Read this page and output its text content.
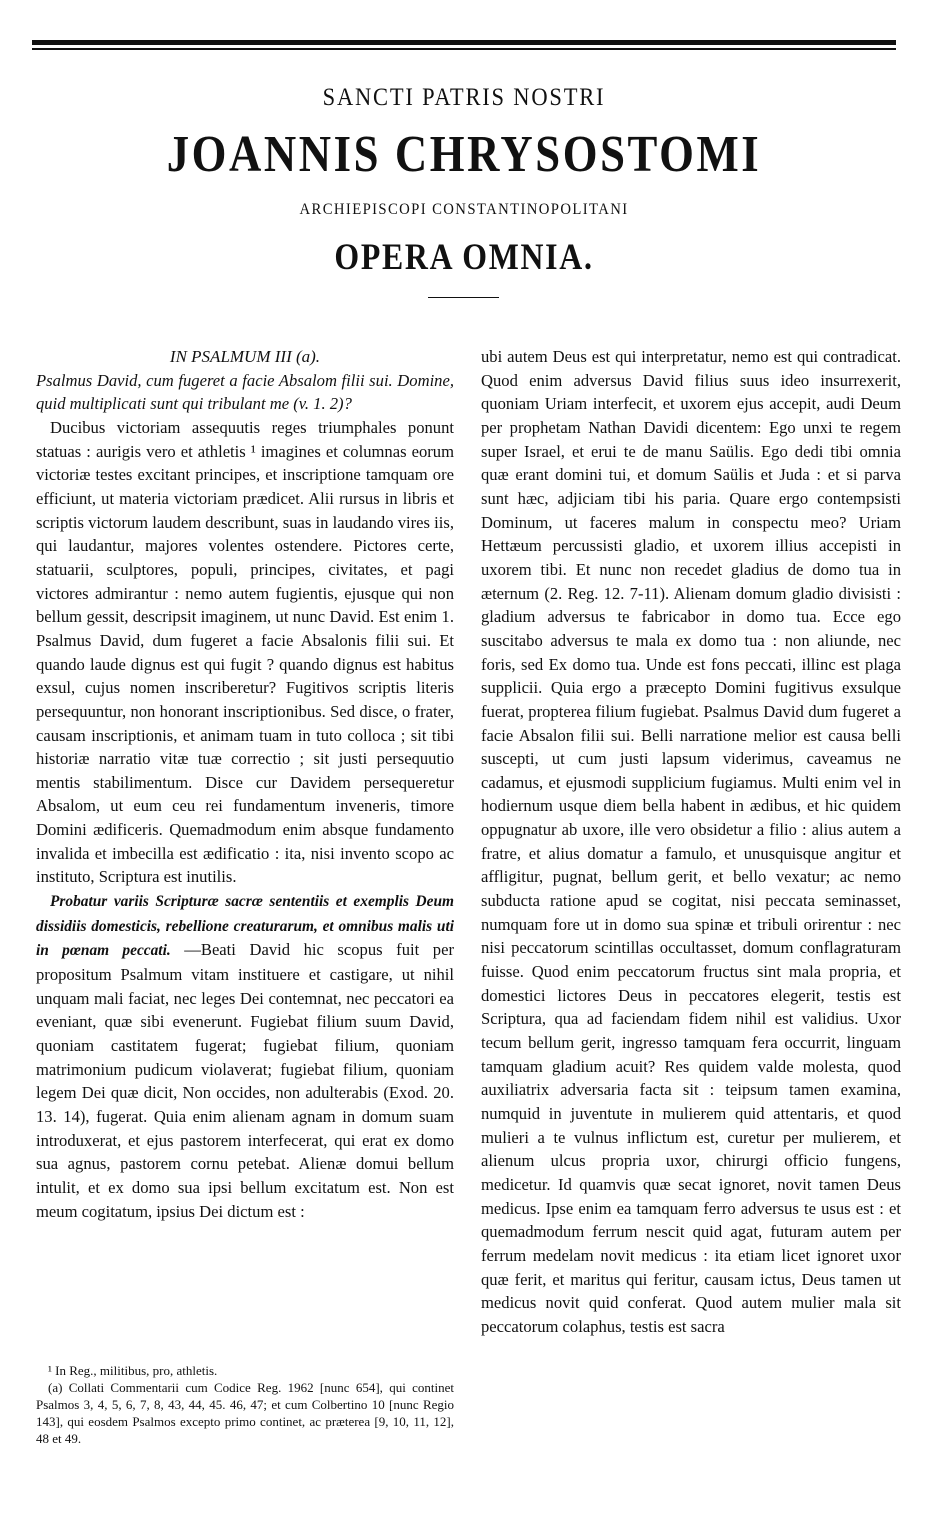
SANCTI PATRIS NOSTRI
JOANNIS CHRYSOSTOMI
ARCHIEPISCOPI CONSTANTINOPOLITANI
OPERA OMNIA.
IN PSALMUM III (a).

Psalmus David, cum fugeret a facie Absalom filii sui. Domine, quid multiplicati sunt qui tribulant me (v. 1. 2)?

Ducibus victoriam assequutis reges triumphales ponunt statuas : aurigis vero et athletis ¹ imagines et columnas eorum victoriæ testes excitant principes, et inscriptione tamquam ore efficiunt, ut materia victoriam prædicet. Alii rursus in libris et scriptis victorum laudem describunt, suas in laudando vires iis, qui laudantur, majores volentes ostendere. Pictores certe, statuarii, sculptores, populi, principes, civitates, et pagi victores admirantur : nemo autem fugientis, ejusque qui non bellum gessit, descripsit imaginem, ut nunc David. Est enim 1. Psalmus David, dum fugeret a facie Absalonis filii sui. Et quando laude dignus est qui fugit ? quando dignus est habitus exsul, cujus nomen inscriberetur? Fugitivos scriptis literis persequuntur, non honorant inscriptionibus. Sed disce, o frater, causam inscriptionis, et animam tuam in tuto colloca ; sit tibi historiæ narratio vitæ tuæ correctio ; sit justi persequutio mentis stabilimentum. Disce cur Davidem persequeretur Absalom, ut eum ceu rei fundamentum inveneris, timore Domini ædificeris. Quemadmodum enim absque fundamento invalida et imbecilla est ædificatio : ita, nisi invento scopo ac instituto, Scriptura est inutilis.

Probatur variis Scripturæ sacræ sententiis et exemplis Deum dissidiis domesticis, rebellione creaturarum, et omnibus malis uti in pœnam peccati. —Beati David hic scopus fuit per propositum Psalmum vitam instituere et castigare, ut nihil unquam mali faciat, nec leges Dei contemnat, nec peccatori ea eveniant, quæ sibi evenerunt. Fugiebat filium suum David, quoniam castitatem fugerat; fugiebat filium, quoniam matrimonium pudicum violaverat; fugiebat filium, quoniam legem Dei quæ dicit, Non occides, non adulterabis (Exod. 20. 13. 14), fugerat. Quia enim alienam agnam in domum suam introduxerat, et ejus pastorem interfecerat, qui erat ex domo sua agnus, pastorem cornu petebat. Alienæ domui bellum intulit, et ex domo sua ipsi bellum excitatum est. Non est meum cogitatum, ipsius Dei dictum est :

¹ In Reg., militibus, pro, athletis.

(a) Collati Commentarii cum Codice Reg. 1962 [nunc 654], qui continet Psalmos 3, 4, 5, 6, 7, 8, 43, 44, 45. 46, 47; et cum Colbertino 10 [nunc Regio 143], qui eosdem Psalmos excepto primo continet, ac præterea [9, 10, 11, 12], 48 et 49.

ubi autem Deus est qui interpretatur, nemo est qui contradicat. Quod enim adversus David filius suus ideo insurrexerit, quoniam Uriam interfecit, et uxorem ejus accepit, audi Deum per prophetam Nathan Davidi dicentem: Ego unxi te regem super Israel, et erui te de manu Saülis. Ego dedi tibi omnia quæ erant domini tui, et domum Saülis et Juda : et si parva sunt hæc, adjiciam tibi his paria. Quare ergo contempsisti Dominum, ut faceres malum in conspectu meo? Uriam Hettæum percussisti gladio, et uxorem illius accepisti in uxorem tibi. Et nunc non recedet gladius de domo tua in æternum (2. Reg. 12. 7-11). Alienam domum gladio divisisti : gladium adversus te fabricabor in domo tua. Ecce ego suscitabo adversus te mala ex domo tua : non aliunde, nec foris, sed Ex domo tua. Unde est fons peccati, illinc est plaga supplicii. Quia ergo a præcepto Domini fugitivus exsulque fuerat, propterea filium fugiebat. Psalmus David dum fugeret a facie Absalon filii sui. Belli narratione melior est causa belli suscepti, ut cum justi lapsum viderimus, caveamus ne cadamus, et ejusmodi supplicium fugiamus. Multi enim vel in hodiernum usque diem bella habent in ædibus, et hic quidem oppugnatur ab uxore, ille vero obsidetur a filio : alius autem a fratre, et alius domatur a famulo, et unusquisque angitur et affligitur, pugnat, bellum gerit, et bello vexatur; ac nemo subducta ratione apud se cogitat, nisi peccata seminasset, numquam fore ut in domo sua spinæ et tribuli orirentur : nec nisi peccatorum scintillas occultasset, domum conflagraturam fuisse. Quod enim peccatorum fructus sint mala propria, et domestici lictores Deus in peccatores elegerit, testis est Scriptura, qua ad faciendam fidem nihil est validius. Uxor tecum bellum gerit, ingresso tamquam fera occurrit, linguam tamquam gladium acuit? Res quidem valde molesta, quod auxiliatrix adversaria facta sit : teipsum tamen examina, numquid in juventute in mulierem quid attentaris, et quod mulieri a te vulnus inflictum est, curetur per mulierem, et alienum ulcus propria uxor, chirurgi officio fungens, medicetur. Id quamvis quæ secat ignoret, novit tamen Deus medicus. Ipse enim ea tamquam ferro adversus te usus est : et quemadmodum ferrum nescit quid agat, futuram autem per ferrum medelam novit medicus : ita etiam licet ignoret uxor quæ ferit, et maritus qui feritur, causam ictus, Deus tamen ut medicus novit quid conferat. Quod autem mulier mala sit peccatorum colaphus, testis est sacra
